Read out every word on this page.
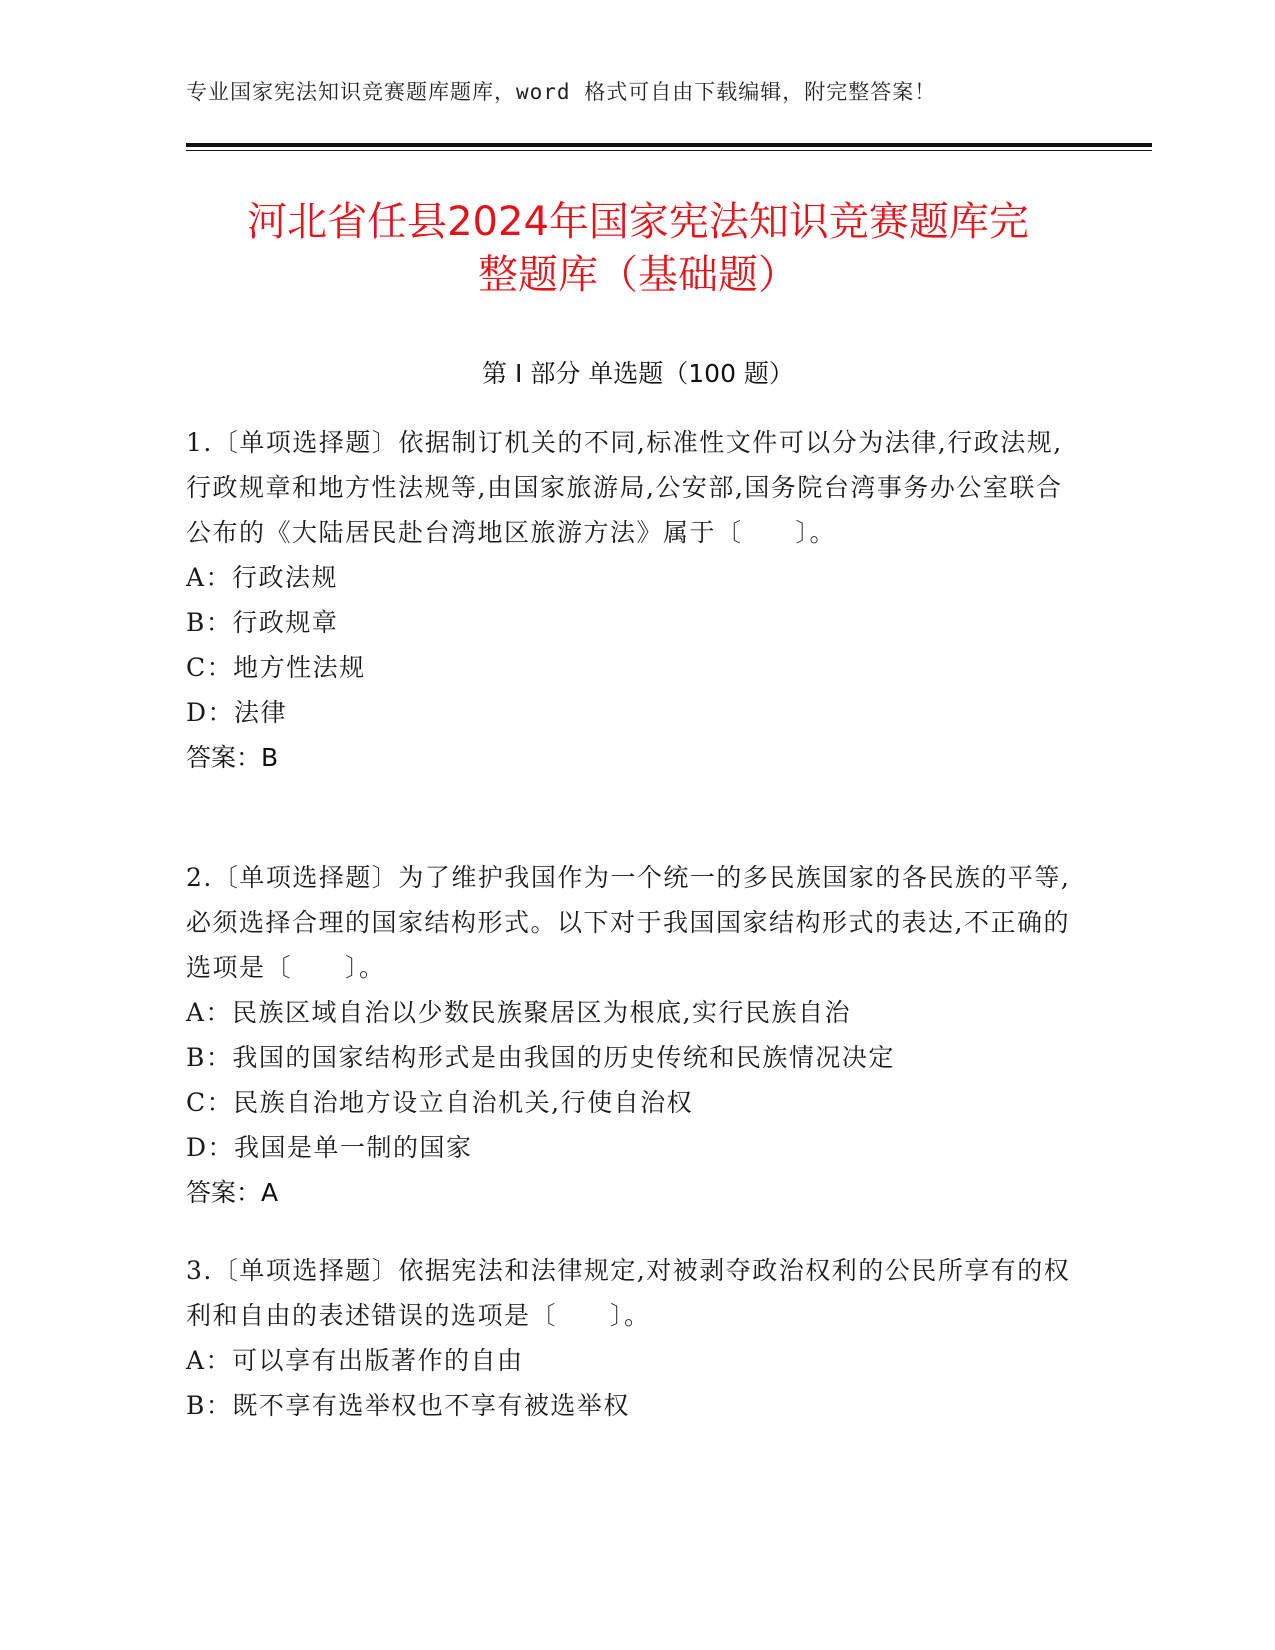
专业国家宪法知识竞赛题库题库，word 格式可自由下载编辑，附完整答案！
河北省任县2024年国家宪法知识竞赛题库完
整题库（基础题）
第 I 部分 单选题（100 题）

1.〔单项选择题〕依据制订机关的不同,标准性文件可以分为法律,行政法规,行政规章和地方性法规等,由国家旅游局,公安部,国务院台湾事务办公室联合公布的《大陆居民赴台湾地区旅游方法》属于〔　　〕。

A：行政法规

B：行政规章

C：地方性法规

D：法律

答案：B

2.〔单项选择题〕为了维护我国作为一个统一的多民族国家的各民族的平等,必须选择合理的国家结构形式。以下对于我国国家结构形式的表达,不正确的选项是〔　　〕。

A：民族区域自治以少数民族聚居区为根底,实行民族自治

B：我国的国家结构形式是由我国的历史传统和民族情况决定

C：民族自治地方设立自治机关,行使自治权

D：我国是单一制的国家

答案：A

3.〔单项选择题〕依据宪法和法律规定,对被剥夺政治权利的公民所享有的权利和自由的表述错误的选项是〔　　〕。

A：可以享有出版著作的自由

B：既不享有选举权也不享有被选举权
